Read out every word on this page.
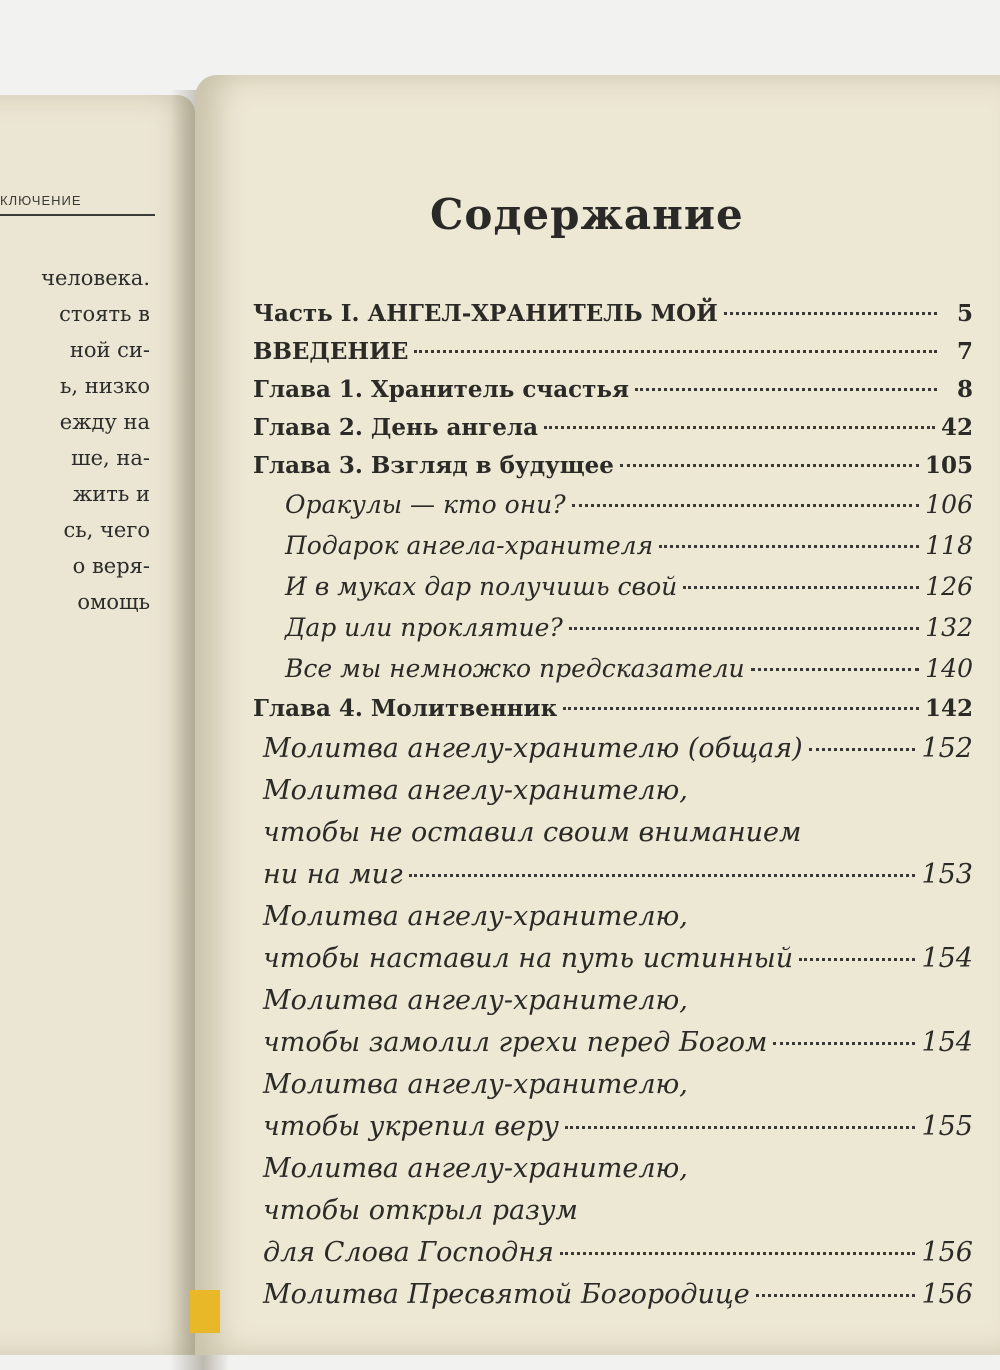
КЛЮЧЕНИЕ
человека.
стоять в
ной си-
ь, низко
ежду на
ше, на-
жить и
сь, чего
о веря-
омощь
Содержание
Часть I. АНГЕЛ-ХРАНИТЕЛЬ МОЙ	5
ВВЕДЕНИЕ	7
Глава 1. Хранитель счастья	8
Глава 2. День ангела	42
Глава 3. Взгляд в будущее	105
Оракулы — кто они?	106
Подарок ангела-хранителя	118
И в муках дар получишь свой	126
Дар или проклятие?	132
Все мы немножко предсказатели	140
Глава 4. Молитвенник	142
Молитва ангелу-хранителю (общая)	152
Молитва ангелу-хранителю,
чтобы не оставил своим вниманием
ни на миг	153
Молитва ангелу-хранителю,
чтобы наставил на путь истинный	154
Молитва ангелу-хранителю,
чтобы замолил грехи перед Богом	154
Молитва ангелу-хранителю,
чтобы укрепил веру	155
Молитва ангелу-хранителю,
чтобы открыл разум
для Слова Господня	156
Молитва Пресвятой Богородице	156
